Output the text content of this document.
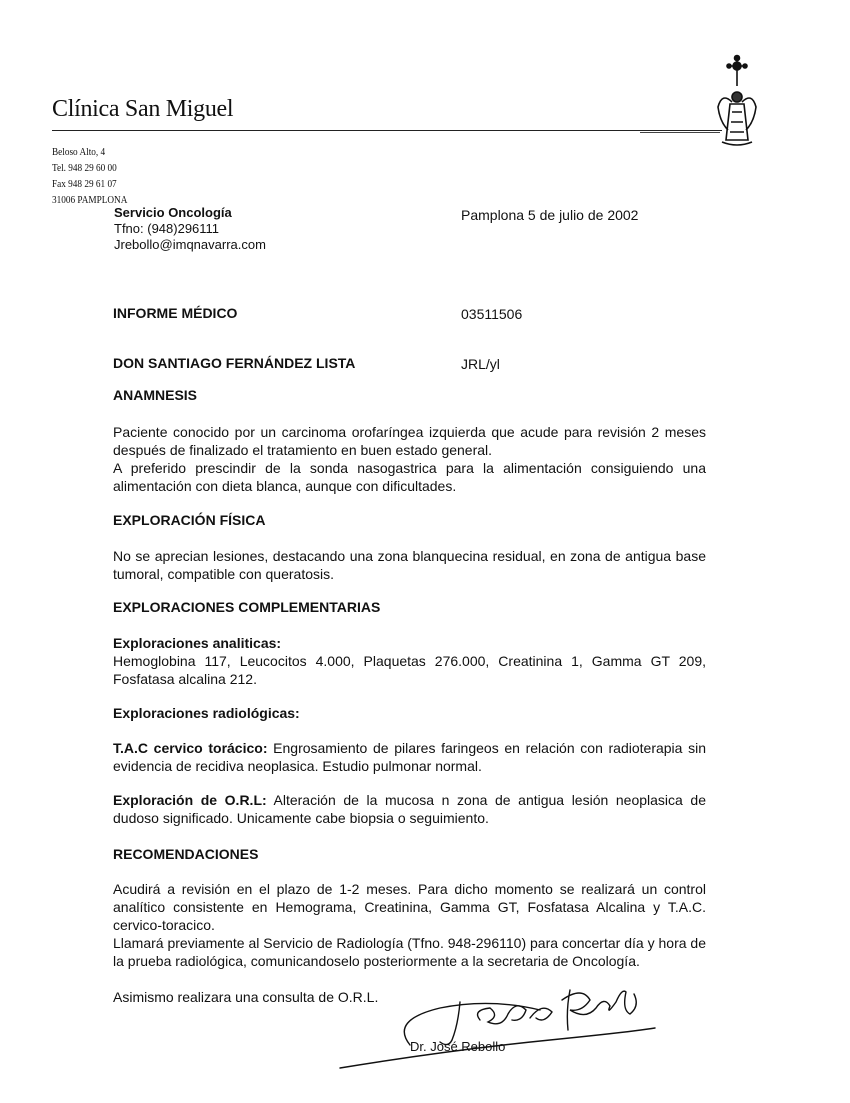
Clínica San Miguel
Beloso Alto, 4
Tel. 948 29 60 00
Fax 948 29 61 07
31006 PAMPLONA
Servicio Oncología
Tfno: (948)296111
Jrebollo@imqnavarra.com
Pamplona 5 de julio de 2002
INFORME MÉDICO	03511506
DON SANTIAGO FERNÁNDEZ LISTA	JRL/yl
ANAMNESIS
Paciente conocido por un carcinoma orofaríngea izquierda que acude para revisión 2 meses después de finalizado el tratamiento en buen estado general.
A preferido prescindir de la sonda nasogastrica para la alimentación consiguiendo una alimentación con dieta blanca, aunque con dificultades.
EXPLORACIÓN FÍSICA
No se aprecian lesiones, destacando una zona blanquecina residual, en zona de antigua base tumoral, compatible con queratosis.
EXPLORACIONES COMPLEMENTARIAS
Exploraciones analiticas:
Hemoglobina 117, Leucocitos 4.000, Plaquetas 276.000, Creatinina 1, Gamma GT 209, Fosfatasa alcalina 212.
Exploraciones radiológicas:
T.A.C cervico torácico: Engrosamiento de pilares faringeos en relación con radioterapia sin evidencia de recidiva neoplasica. Estudio pulmonar normal.
Exploración de O.R.L: Alteración de la mucosa n zona de antigua lesión neoplasica de dudoso significado. Unicamente cabe biopsia o seguimiento.
RECOMENDACIONES
Acudirá a revisión en el plazo de 1-2 meses. Para dicho momento se realizará un control analítico consistente en Hemograma, Creatinina, Gamma GT, Fosfatasa Alcalina y T.A.C. cervico-toracico.
Llamará previamente al Servicio de Radiología (Tfno. 948-296110) para concertar día y hora de la prueba radiológica, comunicandoselo posteriormente a la secretaria de Oncología.
Asimismo realizara una consulta de O.R.L.
Dr. José Rebollo
